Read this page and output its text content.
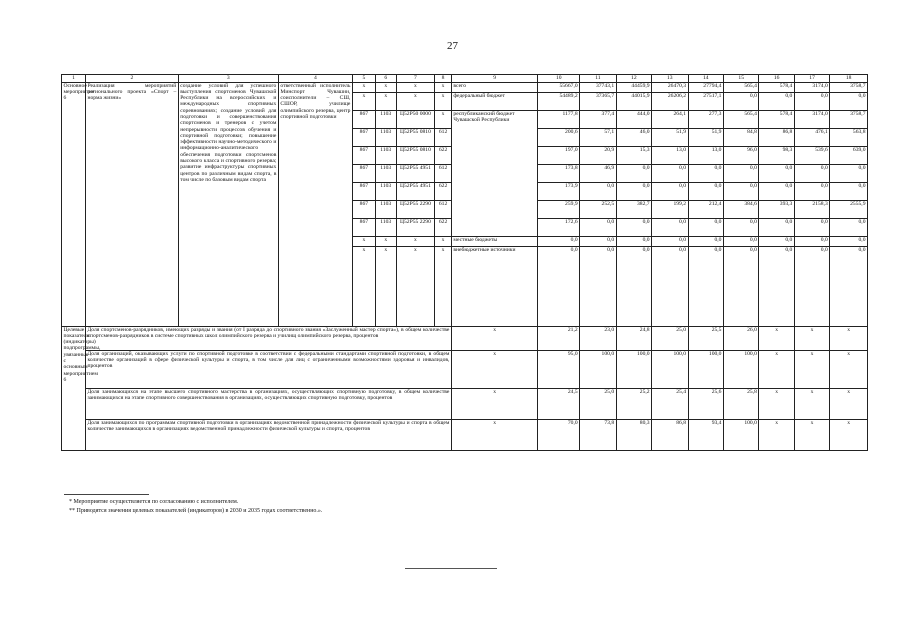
27
1	2	3	4	5	6	7	8	9	10	11	12	13	14	15	16	17	18
Основное мероприятие 6	Реализация мероприятий регионального проекта «Спорт – норма жизни»	создание условий для успешного выступления спортсменов Чувашской Республики на всероссийских и международных спортивных соревнованиях; создание условий для подготовки и совершенствования спортсменов и тренеров с учетом непрерывности процессов обучения и спортивной подготовки; повышение эффективности научно-методического и информационно-аналитического обеспечения подготовки спортсменов высокого класса и спортивного резерва; развитие инфраструктуры спортивных центров по различным видам спорта, в том числе по базовым видам спорта	ответственный исполнитель Минспорт Чувашии, соисполнители – СШ, СШОР, училище олимпийского резерва, центр спортивной подготовки	х	х	х	х	всего	55667,0	37743,1	44459,9	26470,3	27794,4	565,4	578,4	3174,0	3758,7
				х	х	х	х	федеральный бюджет	54489,2	37365,7	44015,9	26206,2	27517,1	0,0	0,0	0,0	0,0
				867	1103	Ц52Р50 0000	х	республиканский бюджет Чувашской Республики	1177,8	377,4	444,0	264,1	277,3	565,4	578,4	3174,0	3758,7
				867	1103	Ц52Р55 0810	612		200,6	57,1	46,0	51,9	51,9	84,8	86,8	476,1	563,8
				867	1103	Ц52Р55 0810	622		197,0	20,9	15,3	13,0	13,0	96,0	98,3	539,6	639,0
				867	1103	Ц52Р55 4951	612		173,8	46,9	0,0	0,0	0,0	0,0	0,0	0,0	0,0
				867	1103	Ц52Р55 4951	622		173,9	0,0	0,0	0,0	0,0	0,0	0,0	0,0	0,0
				867	1103	Ц52Р55 2290	612		259,9	252,5	382,7	199,2	212,4	384,6	393,3	2158,3	2555,9
				867	1103	Ц52Р55 2290	622		172,6	0,0	0,0	0,0	0,0	0,0	0,0	0,0	0,0
				х	х	х	х	местные бюджеты	0,0	0,0	0,0	0,0	0,0	0,0	0,0	0,0	0,0
				х	х	х	х	внебюджетные источники	0,0	0,0	0,0	0,0	0,0	0,0	0,0	0,0	0,0
Целевые показатели (индикаторы) подпрограммы, увязанные с основным мероприятием 6	Доля спортсменов-разрядников, имеющих разряды и звания (от I разряда до спортивного звания «Заслуженный мастер спорта»), в общем количестве спортсменов-разрядников в системе спортивных школ олимпийского резерва и училищ олимпийского резерва, процентов							х	21,2	23,0	24,8	25,0	25,5	26,0	х	х	х
	Доля организаций, оказывающих услуги по спортивной подготовке в соответствии с федеральными стандартами спортивной подготовки, в общем количестве организаций в сфере физической культуры и спорта, в том числе для лиц с ограниченными возможностями здоровья и инвалидов, процентов							х	95,0	100,0	100,0	100,0	100,0	100,0	х	х	х
	Доля занимающихся на этапе высшего спортивного мастерства в организациях, осуществляющих спортивную подготовку, в общем количестве занимающихся на этапе спортивного совершенствования в организациях, осуществляющих спортивную подготовку, процентов							х	24,5	25,0	25,2	25,4	25,6	25,8	х	х	х
	Доля занимающихся по программам спортивной подготовки в организациях ведомственной принадлежности физической культуры и спорта в общем количестве занимающихся в организациях ведомственной принадлежности физической культуры и спорта, процентов							х	70,0	73,8	80,3	86,8	93,4	100,0	х	х	х

* Мероприятие осуществляется по согласованию с исполнителем.

** Приводятся значения целевых показателей (индикаторов) в 2030 и 2035 годах соответственно.».
